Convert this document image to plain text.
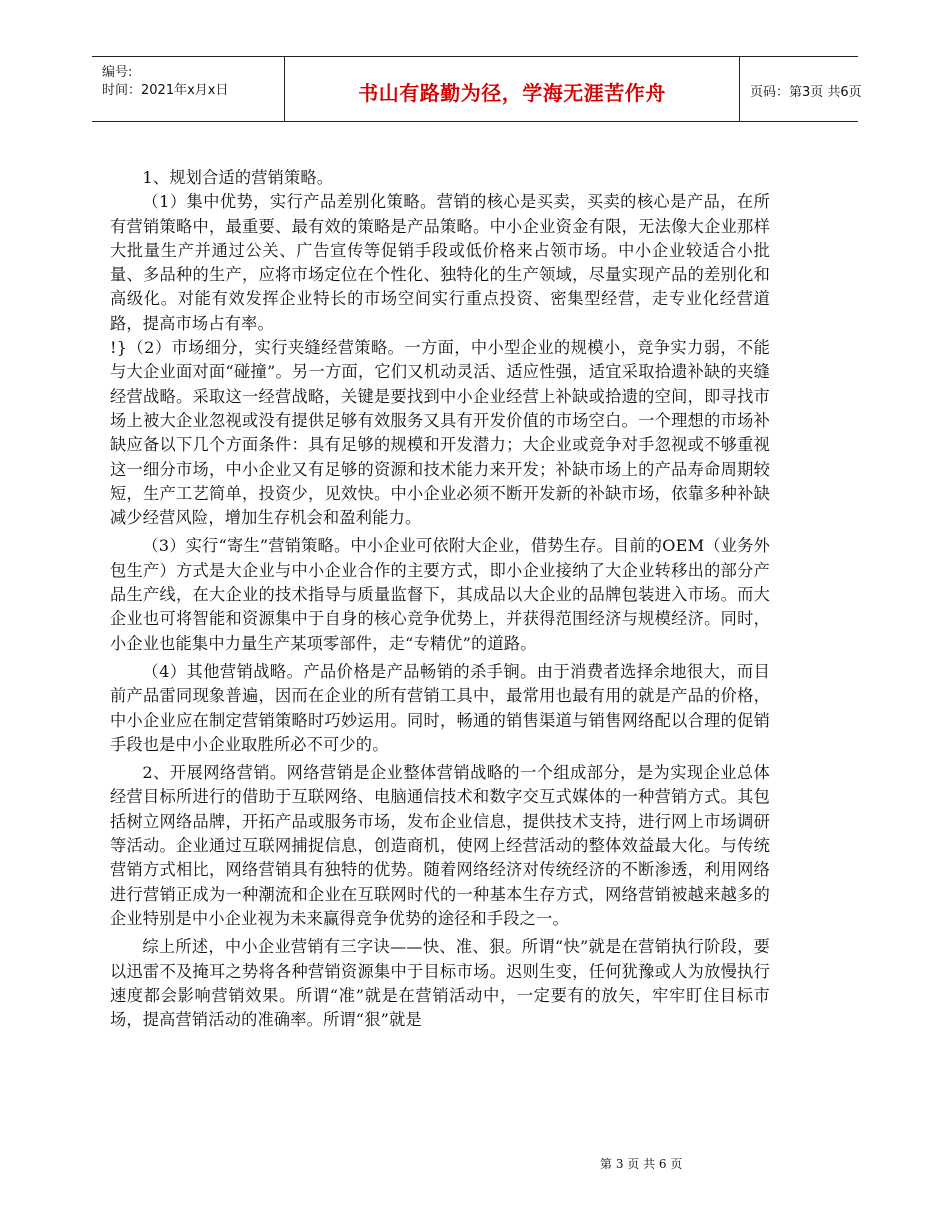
编号:
时间：2021年x月x日	书山有路勤为径，学海无涯苦作舟	页码：第3页 共6页

1、规划合适的营销策略。

（1）集中优势，实行产品差别化策略。营销的核心是买卖，买卖的核心是产品，在所有营销策略中，最重要、最有效的策略是产品策略。中小企业资金有限，无法像大企业那样大批量生产并通过公关、广告宣传等促销手段或低价格来占领市场。中小企业较适合小批量、多品种的生产，应将市场定位在个性化、独特化的生产领域，尽量实现产品的差别化和高级化。对能有效发挥企业特长的市场空间实行重点投资、密集型经营，走专业化经营道路，提高市场占有率。

!}（2）市场细分，实行夹缝经营策略。一方面，中小型企业的规模小，竞争实力弱，不能与大企业面对面“碰撞”。另一方面，它们又机动灵活、适应性强，适宜采取拾遗补缺的夹缝经营战略。采取这一经营战略，关键是要找到中小企业经营上补缺或拾遗的空间，即寻找市场上被大企业忽视或没有提供足够有效服务又具有开发价值的市场空白。一个理想的市场补缺应备以下几个方面条件：具有足够的规模和开发潜力；大企业或竞争对手忽视或不够重视这一细分市场，中小企业又有足够的资源和技术能力来开发；补缺市场上的产品寿命周期较短，生产工艺简单，投资少，见效快。中小企业必须不断开发新的补缺市场，依靠多种补缺减少经营风险，增加生存机会和盈利能力。

（3）实行“寄生”营销策略。中小企业可依附大企业，借势生存。目前的OEM（业务外包生产）方式是大企业与中小企业合作的主要方式，即小企业接纳了大企业转移出的部分产品生产线，在大企业的技术指导与质量监督下，其成品以大企业的品牌包装进入市场。而大企业也可将智能和资源集中于自身的核心竞争优势上，并获得范围经济与规模经济。同时，小企业也能集中力量生产某项零部件，走“专精优”的道路。

（4）其他营销战略。产品价格是产品畅销的杀手锏。由于消费者选择余地很大，而目前产品雷同现象普遍，因而在企业的所有营销工具中，最常用也最有用的就是产品的价格，中小企业应在制定营销策略时巧妙运用。同时，畅通的销售渠道与销售网络配以合理的促销手段也是中小企业取胜所必不可少的。

2、开展网络营销。网络营销是企业整体营销战略的一个组成部分，是为实现企业总体经营目标所进行的借助于互联网络、电脑通信技术和数字交互式媒体的一种营销方式。其包括树立网络品牌，开拓产品或服务市场，发布企业信息，提供技术支持，进行网上市场调研等活动。企业通过互联网捕捉信息，创造商机，使网上经营活动的整体效益最大化。与传统营销方式相比，网络营销具有独特的优势。随着网络经济对传统经济的不断渗透，利用网络进行营销正成为一种潮流和企业在互联网时代的一种基本生存方式，网络营销被越来越多的企业特别是中小企业视为未来赢得竞争优势的途径和手段之一。

综上所述，中小企业营销有三字诀——快、准、狠。所谓“快”就是在营销执行阶段，要以迅雷不及掩耳之势将各种营销资源集中于目标市场。迟则生变，任何犹豫或人为放慢执行速度都会影响营销效果。所谓“准”就是在营销活动中，一定要有的放矢，牢牢盯住目标市场，提高营销活动的准确率。所谓“狠”就是

第 3 页 共 6 页
